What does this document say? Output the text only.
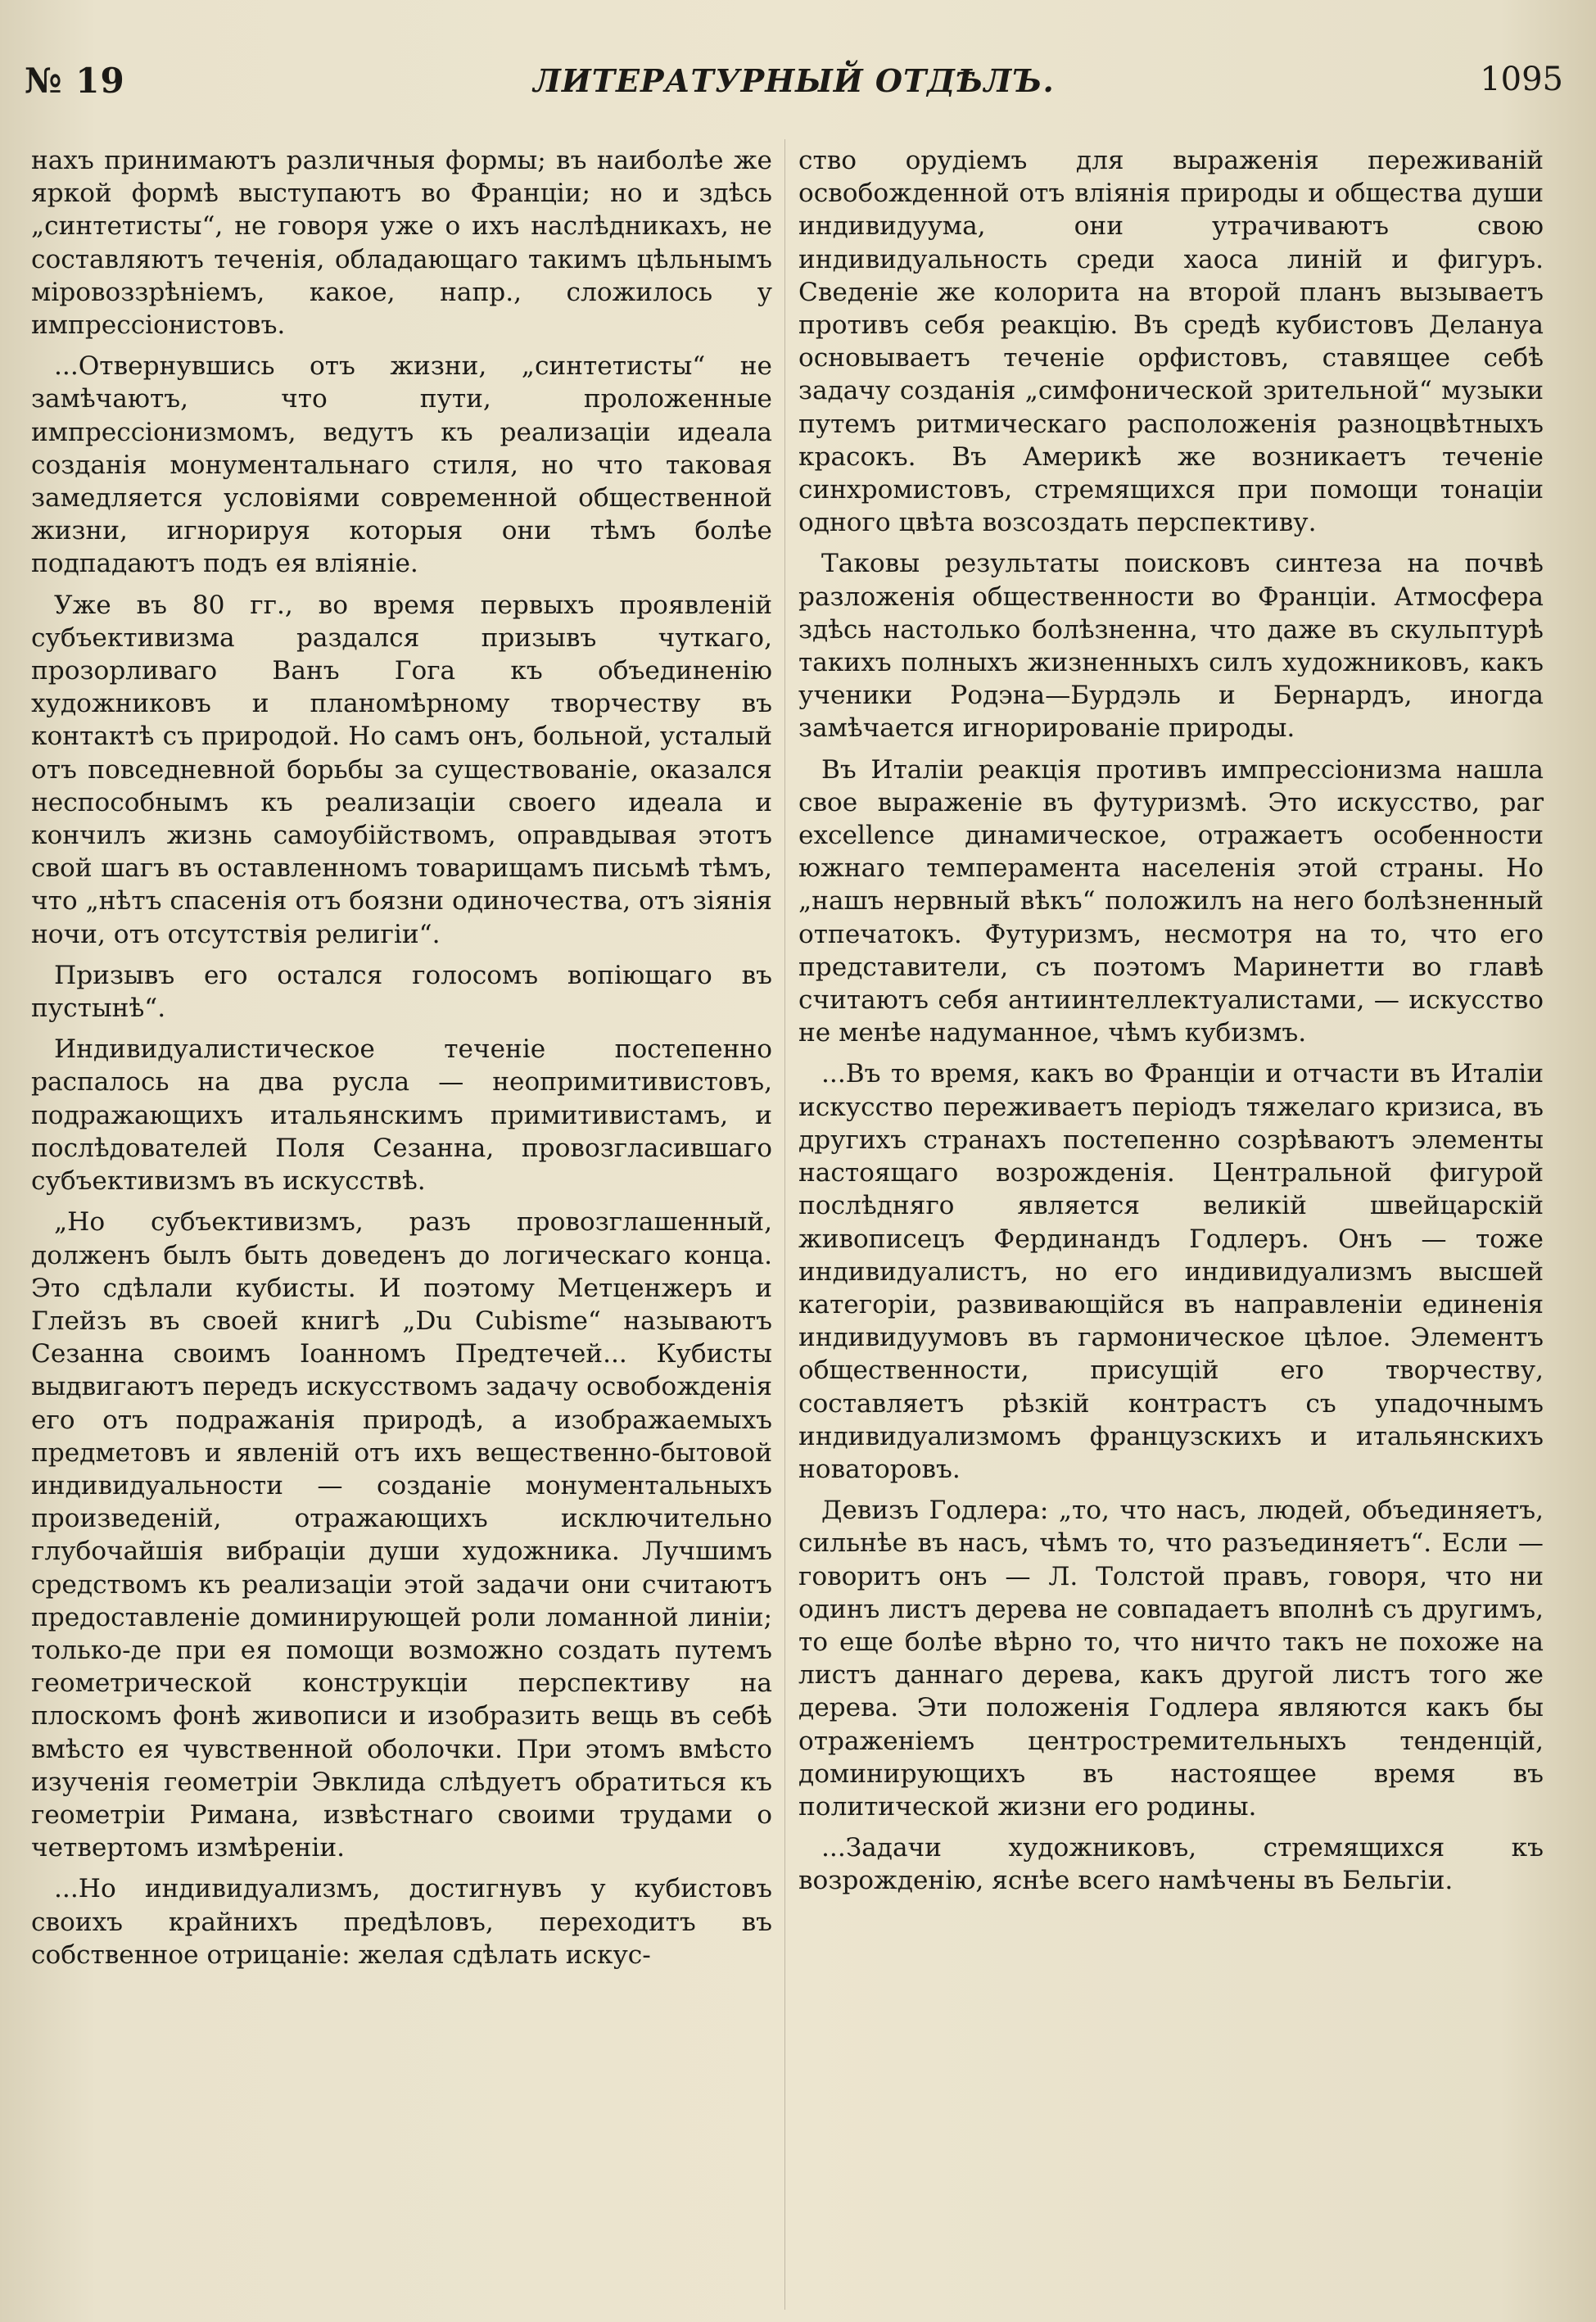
№ 19	ЛИТЕРАТУРНЫЙ ОТДѢЛЪ.	1095

нахъ принимаютъ различныя формы; въ наиболѣе же яркой формѣ выступаютъ во Франціи; но и здѣсь „синтетисты“, не говоря уже о ихъ наслѣдникахъ, не составляютъ теченія, обладающаго такимъ цѣльнымъ міровоззрѣніемъ, какое, напр., сложилось у импрессіонистовъ.

...Отвернувшись отъ жизни, „синтетисты“ не замѣчаютъ, что пути, проложенные импрессіонизмомъ, ведутъ къ реализаціи идеала созданія монументальнаго стиля, но что таковая замедляется условіями современной общественной жизни, игнорируя которыя они тѣмъ болѣе подпадаютъ подъ ея вліяніе.

Уже въ 80 гг., во время первыхъ проявленій субъективизма раздался призывъ чуткаго, прозорливаго Ванъ Гога къ объединенію художниковъ и планомѣрному творчеству въ контактѣ съ природой. Но самъ онъ, больной, усталый отъ повседневной борьбы за существованіе, оказался неспособнымъ къ реализаціи своего идеала и кончилъ жизнь самоубійствомъ, оправдывая этотъ свой шагъ въ оставленномъ товарищамъ письмѣ тѣмъ, что „нѣтъ спасенія отъ боязни одиночества, отъ зіянія ночи, отъ отсутствія религіи“.

Призывъ его остался голосомъ вопіющаго въ пустынѣ“.

Индивидуалистическое теченіе постепенно распалось на два русла — неопримитивистовъ, подражающихъ итальянскимъ примитивистамъ, и послѣдователей Поля Сезанна, провозгласившаго субъективизмъ въ искусствѣ.

„Но субъективизмъ, разъ провозглашенный, долженъ былъ быть доведенъ до логическаго конца. Это сдѣлали кубисты. И поэтому Метценжеръ и Глейзъ въ своей книгѣ „Du Cubisme“ называютъ Сезанна своимъ Іоанномъ Предтечей... Кубисты выдвигаютъ передъ искусствомъ задачу освобожденія его отъ подражанія природѣ, а изображаемыхъ предметовъ и явленій отъ ихъ вещественно-бытовой индивидуальности — созданіе монументальныхъ произведеній, отражающихъ исключительно глубочайшія вибраціи души художника. Лучшимъ средствомъ къ реализаціи этой задачи они считаютъ предоставленіе доминирующей роли ломанной линіи; только-де при ея помощи возможно создать путемъ геометрической конструкціи перспективу на плоскомъ фонѣ живописи и изобразить вещь въ себѣ вмѣсто ея чувственной оболочки. При этомъ вмѣсто изученія геометріи Эвклида слѣдуетъ обратиться къ геометріи Римана, извѣстнаго своими трудами о четвертомъ измѣреніи.

...Но индивидуализмъ, достигнувъ у кубистовъ своихъ крайнихъ предѣловъ, переходитъ въ собственное отрицаніе: желая сдѣлать искус-

ство орудіемъ для выраженія переживаній освобожденной отъ вліянія природы и общества души индивидуума, они утрачиваютъ свою индивидуальность среди хаоса линій и фигуръ. Сведеніе же колорита на второй планъ вызываетъ противъ себя реакцію. Въ средѣ кубистовъ Делануа основываетъ теченіе орфистовъ, ставящее себѣ задачу созданія „симфонической зрительной“ музыки путемъ ритмическаго расположенія разноцвѣтныхъ красокъ. Въ Америкѣ же возникаетъ теченіе синхромистовъ, стремящихся при помощи тонаціи одного цвѣта возсоздать перспективу.

Таковы результаты поисковъ синтеза на почвѣ разложенія общественности во Франціи. Атмосфера здѣсь настолько болѣзненна, что даже въ скульптурѣ такихъ полныхъ жизненныхъ силъ художниковъ, какъ ученики Родэна—Бурдэль и Бернардъ, иногда замѣчается игнорированіе природы.

Въ Италіи реакція противъ импрессіонизма нашла свое выраженіе въ футуризмѣ. Это искусство, par excellence динамическое, отражаетъ особенности южнаго темперамента населенія этой страны. Но „нашъ нервный вѣкъ“ положилъ на него болѣзненный отпечатокъ. Футуризмъ, несмотря на то, что его представители, съ поэтомъ Маринетти во главѣ считаютъ себя антиинтеллектуалистами, — искусство не менѣе надуманное, чѣмъ кубизмъ.

...Въ то время, какъ во Франціи и отчасти въ Италіи искусство переживаетъ періодъ тяжелаго кризиса, въ другихъ странахъ постепенно созрѣваютъ элементы настоящаго возрожденія. Центральной фигурой послѣдняго является великій швейцарскій живописецъ Фердинандъ Годлеръ. Онъ — тоже индивидуалистъ, но его индивидуализмъ высшей категоріи, развивающійся въ направленіи единенія индивидуумовъ въ гармоническое цѣлое. Элементъ общественности, присущій его творчеству, составляетъ рѣзкій контрастъ съ упадочнымъ индивидуализмомъ французскихъ и итальянскихъ новаторовъ.

Девизъ Годлера: „то, что насъ, людей, объединяетъ, сильнѣе въ насъ, чѣмъ то, что разъединяетъ“. Если — говоритъ онъ — Л. Толстой правъ, говоря, что ни одинъ листъ дерева не совпадаетъ вполнѣ съ другимъ, то еще болѣе вѣрно то, что ничто такъ не похоже на листъ даннаго дерева, какъ другой листъ того же дерева. Эти положенія Годлера являются какъ бы отраженіемъ центростремительныхъ тенденцій, доминирующихъ въ настоящее время въ политической жизни его родины.

...Задачи художниковъ, стремящихся къ возрожденію, яснѣе всего намѣчены въ Бельгіи.
